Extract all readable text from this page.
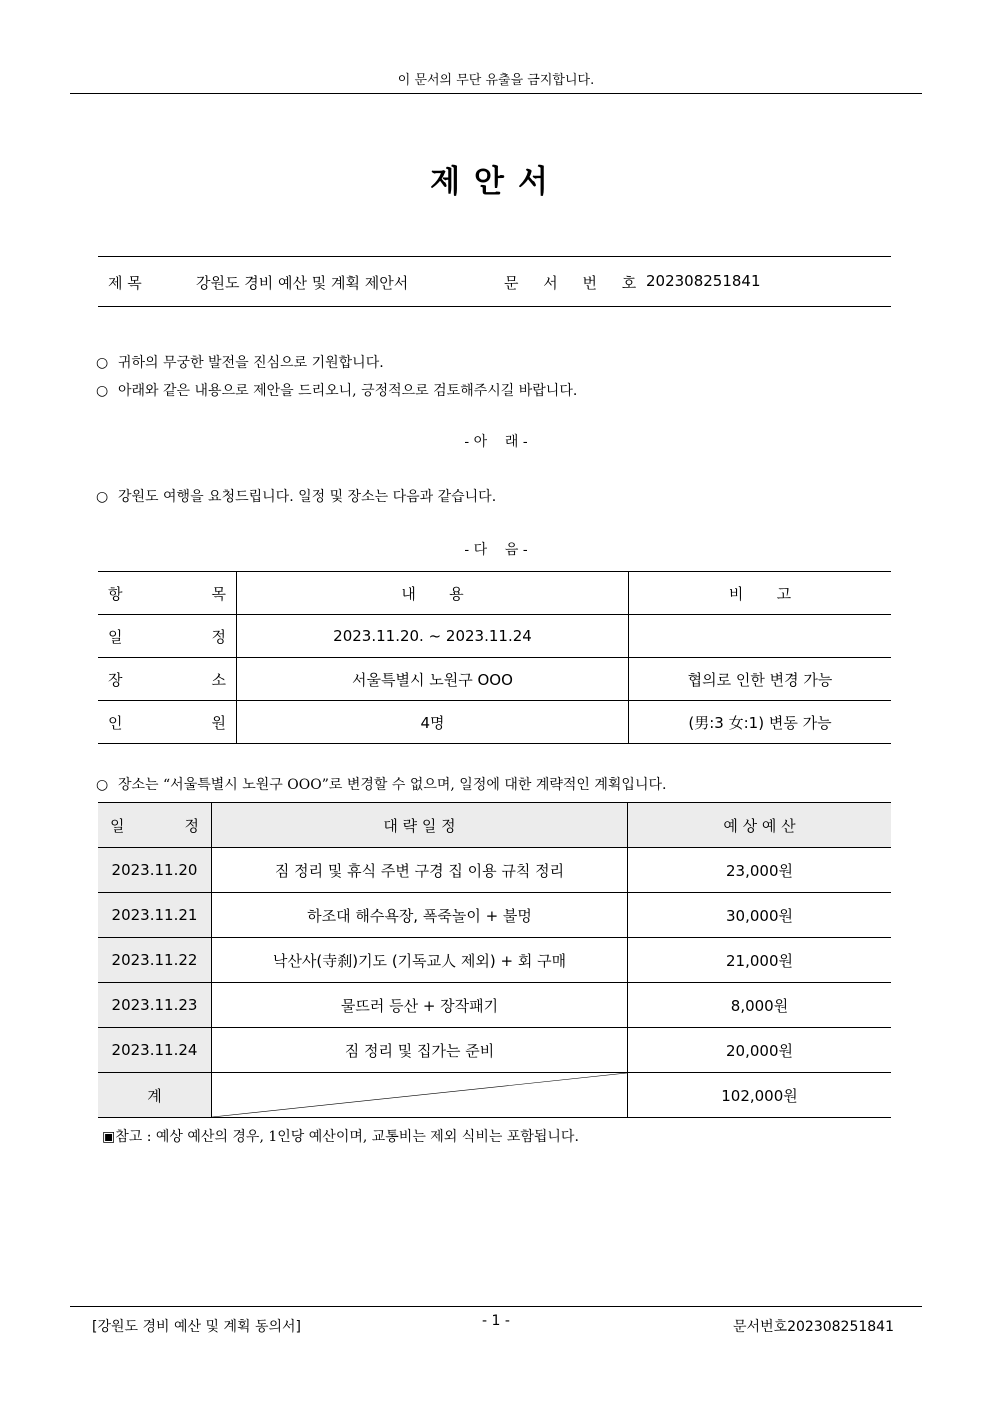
이 문서의 무단 유출을 금지합니다.
제안서
제 목	강원도 경비 예산 및 계획 제안서	문 서 번 호 202308251841
○ 귀하의 무궁한 발전을 진심으로 기원합니다.
○ 아래와 같은 내용으로 제안을 드리오니, 긍정적으로 검토해주시길 바랍니다.
- 아    래 -
○ 강원도 여행을 요청드립니다. 일정 및 장소는 다음과 같습니다.
- 다    음 -
항 목	내       용	비       고

일 정	2023.11.20. ~ 2023.11.24	

장 소	서울특별시 노원구 OOO	협의로 인한 변경 가능

인 원	4명	(男:3 女:1) 변동 가능
○ 장소는 “서울특별시 노원구 OOO”로 변경할 수 없으며, 일정에 대한 계략적인 계획입니다.
일 정	대 략 일 정	예 상 예 산
2023.11.20	짐 정리 및 휴식 주변 구경 집 이용 규칙 정리	23,000원
2023.11.21	하조대 해수욕장, 폭죽놀이 + 불멍	30,000원
2023.11.22	낙산사(寺刹)기도 (기독교人 제외) + 회 구매	21,000원
2023.11.23	물뜨러 등산 + 장작패기	8,000원
2023.11.24	짐 정리 및 집가는 준비	20,000원
계		102,000원
▣참고 : 예상 예산의 경우, 1인당 예산이며, 교통비는 제외 식비는 포함됩니다.
[강원도 경비 예산 및 계획 동의서]	- 1 -	문서번호202308251841
